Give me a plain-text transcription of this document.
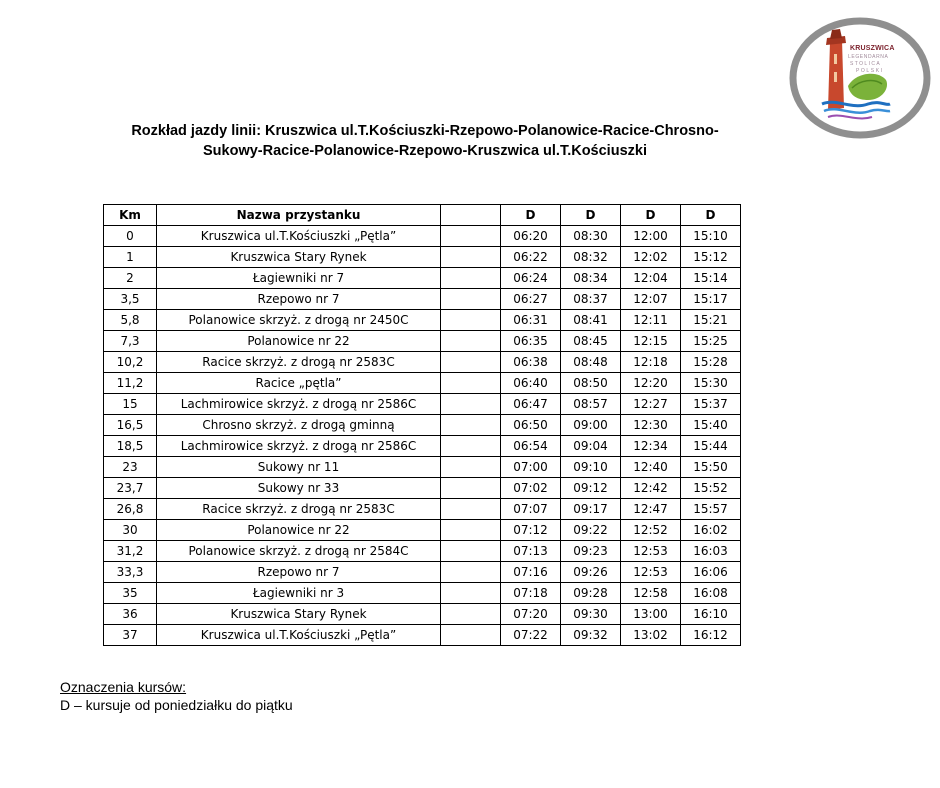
KRUSZWICA
LEGENDARNA
STOLICA
POLSKI
Rozkład jazdy linii: Kruszwica ul.T.Kościuszki-Rzepowo-Polanowice-Racice-Chrosno-
Sukowy-Racice-Polanowice-Rzepowo-Kruszwica ul.T.Kościuszki
Km	Nazwa przystanku		D	D	D	D
0	Kruszwica ul.T.Kościuszki „Pętla”		06:20	08:30	12:00	15:10
1	Kruszwica Stary Rynek		06:22	08:32	12:02	15:12
2	Łagiewniki nr 7		06:24	08:34	12:04	15:14
3,5	Rzepowo nr 7		06:27	08:37	12:07	15:17
5,8	Polanowice skrzyż. z drogą nr 2450C		06:31	08:41	12:11	15:21
7,3	Polanowice nr 22		06:35	08:45	12:15	15:25
10,2	Racice skrzyż. z drogą nr 2583C		06:38	08:48	12:18	15:28
11,2	Racice „pętla”		06:40	08:50	12:20	15:30
15	Lachmirowice skrzyż. z drogą nr 2586C		06:47	08:57	12:27	15:37
16,5	Chrosno skrzyż. z drogą gminną		06:50	09:00	12:30	15:40
18,5	Lachmirowice skrzyż. z drogą nr 2586C		06:54	09:04	12:34	15:44
23	Sukowy nr 11		07:00	09:10	12:40	15:50
23,7	Sukowy nr 33		07:02	09:12	12:42	15:52
26,8	Racice skrzyż. z drogą nr 2583C		07:07	09:17	12:47	15:57
30	Polanowice nr 22		07:12	09:22	12:52	16:02
31,2	Polanowice skrzyż. z drogą nr 2584C		07:13	09:23	12:53	16:03
33,3	Rzepowo nr 7		07:16	09:26	12:53	16:06
35	Łagiewniki nr 3		07:18	09:28	12:58	16:08
36	Kruszwica Stary Rynek		07:20	09:30	13:00	16:10
37	Kruszwica ul.T.Kościuszki „Pętla”		07:22	09:32	13:02	16:12
Oznaczenia kursów:
D – kursuje od poniedziałku do piątku
